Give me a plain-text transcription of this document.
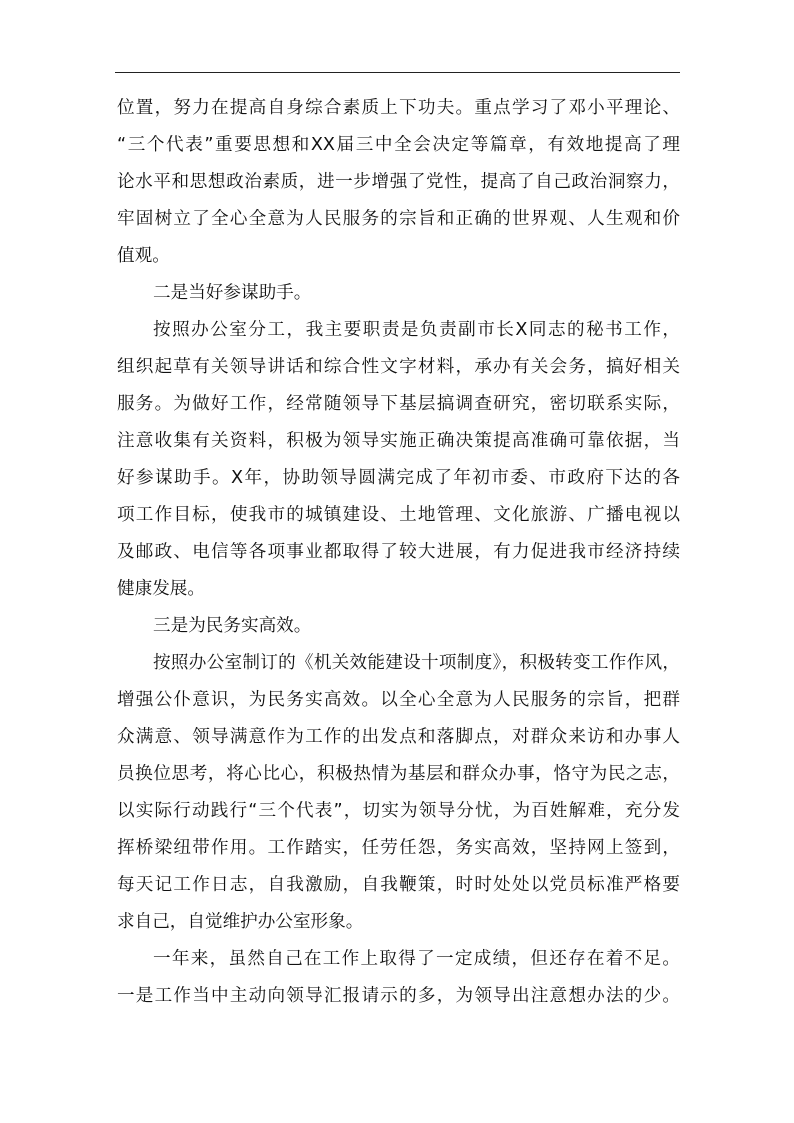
位置，努力在提高自身综合素质上下功夫。重点学习了邓小平理论、
“三个代表”重要思想和XX届三中全会决定等篇章，有效地提高了理
论水平和思想政治素质，进一步增强了党性，提高了自己政治洞察力，
牢固树立了全心全意为人民服务的宗旨和正确的世界观、人生观和价
值观。
二是当好参谋助手。
按照办公室分工，我主要职责是负责副市长X同志的秘书工作，
组织起草有关领导讲话和综合性文字材料，承办有关会务，搞好相关
服务。为做好工作，经常随领导下基层搞调查研究，密切联系实际，
注意收集有关资料，积极为领导实施正确决策提高准确可靠依据，当
好参谋助手。X年，协助领导圆满完成了年初市委、市政府下达的各
项工作目标，使我市的城镇建设、土地管理、文化旅游、广播电视以
及邮政、电信等各项事业都取得了较大进展，有力促进我市经济持续
健康发展。
三是为民务实高效。
按照办公室制订的《机关效能建设十项制度》，积极转变工作作风，
增强公仆意识，为民务实高效。以全心全意为人民服务的宗旨，把群
众满意、领导满意作为工作的出发点和落脚点，对群众来访和办事人
员换位思考，将心比心，积极热情为基层和群众办事，恪守为民之志，
以实际行动践行“三个代表”，切实为领导分忧，为百姓解难，充分发
挥桥梁纽带作用。工作踏实，任劳任怨，务实高效，坚持网上签到，
每天记工作日志，自我激励，自我鞭策，时时处处以党员标准严格要
求自己，自觉维护办公室形象。
一年来，虽然自己在工作上取得了一定成绩，但还存在着不足。
一是工作当中主动向领导汇报请示的多，为领导出注意想办法的少。
